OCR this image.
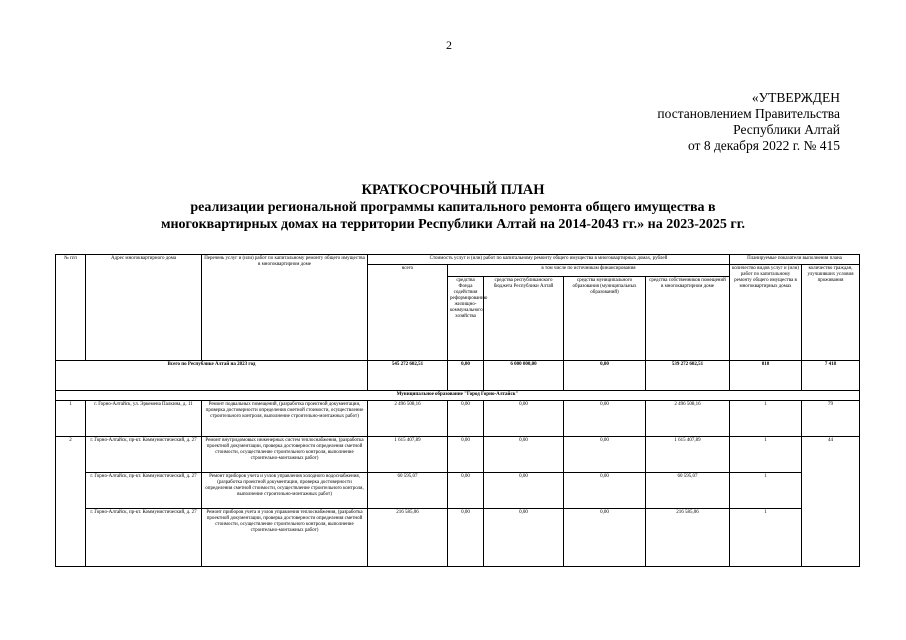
2
«УТВЕРЖДЕН
постановлением Правительства
Республики Алтай
от 8 декабря 2022 г. № 415
КРАТКОСРОЧНЫЙ ПЛАН
реализации региональной программы капитального ремонта общего имущества в
многоквартирных домах на территории Республики Алтай на 2014-2043 гг.» на 2023-2025 гг.
№ п/п	Адрес многоквартирного дома	Перечень услуг и (или) работ по капитальному ремонту общего имущества в многоквартирном доме	Стоимость услуг и (или) работ по капитальному ремонту общего имущества в многоквартирных домах, рублей					Планируемые показатели выполнения плана	
			всего	в том числе по источникам финансирования				количество видов услуг и (или) работ по капитальному ремонту общего имущества в многоквартирных домах	количество граждан, улучшивших условия проживания
				средства Фонда содействия реформированию жилищно-коммунального хозяйства	средства республиканского бюджета Республики Алтай	средства муниципального образования (муниципальных образований)	средства собственников помещений в многоквартирном доме		
Всего по Республике Алтай на 2023 год			545 272 602,51	0,00	6 000 000,00	0,00	539 272 602,51	810	7 418
Муниципальное образование "Город Горно-Алтайск"									
1	г. Горно-Алтайск, ул. Эркемена Палкина, д. 11	Ремонт подвальных помещений, (разработка проектной документации, проверка достоверности определения сметной стоимости, осуществление строительного контроля, выполнение строительно-монтажных работ)	2 496 508,16	0,00	0,00	0,00	2 496 508,16	1	79
2	г. Горно-Алтайск, пр-кт. Коммунистический, д. 27	Ремонт внутридомовых инженерных систем теплоснабжения, (разработка проектной документации, проверка достоверности определения сметной стоимости, осуществление строительного контроля, выполнение строительно-монтажных работ)	1 615 407,89	0,00	0,00	0,00	1 615 407,89	1	44
	г. Горно-Алтайск, пр-кт. Коммунистический, д. 27	Ремонт приборов учета и узлов управления холодного водоснабжения, (разработка проектной документации, проверка достоверности определения сметной стоимости, осуществление строительного контроля, выполнение строительно-монтажных работ)	60 595,07	0,00	0,00	0,00	60 595,07	1	
	г. Горно-Алтайск, пр-кт. Коммунистический, д. 27	Ремонт приборов учета и узлов управления теплоснабжения, (разработка проектной документации, проверка достоверности определения сметной стоимости, осуществление строительного контроля, выполнение строительно-монтажных работ)	216 585,06	0,00	0,00	0,00	216 585,06	1	
